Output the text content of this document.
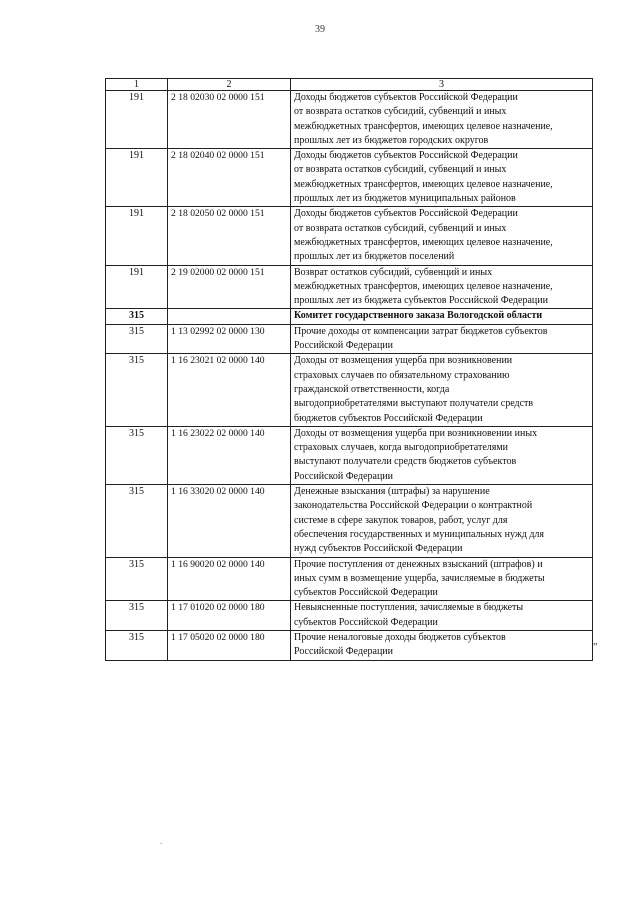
39
1	2	3
191	2 18 02030 02 0000 151	Доходы бюджетов субъектов Российской Федерации
от возврата остатков субсидий, субвенций и иных
межбюджетных трансфертов, имеющих целевое назначение,
прошлых лет из бюджетов городских округов
191	2 18 02040 02 0000 151	Доходы бюджетов субъектов Российской Федерации
от возврата остатков субсидий, субвенций и иных
межбюджетных трансфертов, имеющих целевое назначение,
прошлых лет из бюджетов муниципальных районов
191	2 18 02050 02 0000 151	Доходы бюджетов субъектов Российской Федерации
от возврата остатков субсидий, субвенций и иных
межбюджетных трансфертов, имеющих целевое назначение,
прошлых лет из бюджетов поселений
191	2 19 02000 02 0000 151	Возврат остатков субсидий, субвенций и иных
межбюджетных трансфертов, имеющих целевое назначение,
прошлых лет из бюджета субъектов Российской Федерации
315		Комитет государственного заказа Вологодской области
315	1 13 02992 02 0000 130	Прочие доходы от компенсации затрат бюджетов субъектов
Российской Федерации
315	1 16 23021 02 0000 140	Доходы от возмещения ущерба при возникновении
страховых случаев по обязательному страхованию
гражданской ответственности, когда
выгодоприобретателями выступают получатели средств
бюджетов субъектов Российской Федерации
315	1 16 23022 02 0000 140	Доходы от возмещения ущерба при возникновении иных
страховых случаев, когда выгодоприобретателями
выступают получатели средств бюджетов субъектов
Российской Федерации
315	1 16 33020 02 0000 140	Денежные взыскания (штрафы) за нарушение
законодательства Российской Федерации о контрактной
системе в сфере закупок товаров, работ, услуг для
обеспечения государственных и муниципальных нужд для
нужд субъектов Российской Федерации
315	1 16 90020 02 0000 140	Прочие поступления от денежных взысканий (штрафов) и
иных сумм в возмещение ущерба, зачисляемые в бюджеты
субъектов Российской Федерации
315	1 17 01020 02 0000 180	Невыясненные поступления, зачисляемые в бюджеты
субъектов Российской Федерации
315	1 17 05020 02 0000 180	Прочие неналоговые доходы бюджетов субъектов
Российской Федерации	"
.
